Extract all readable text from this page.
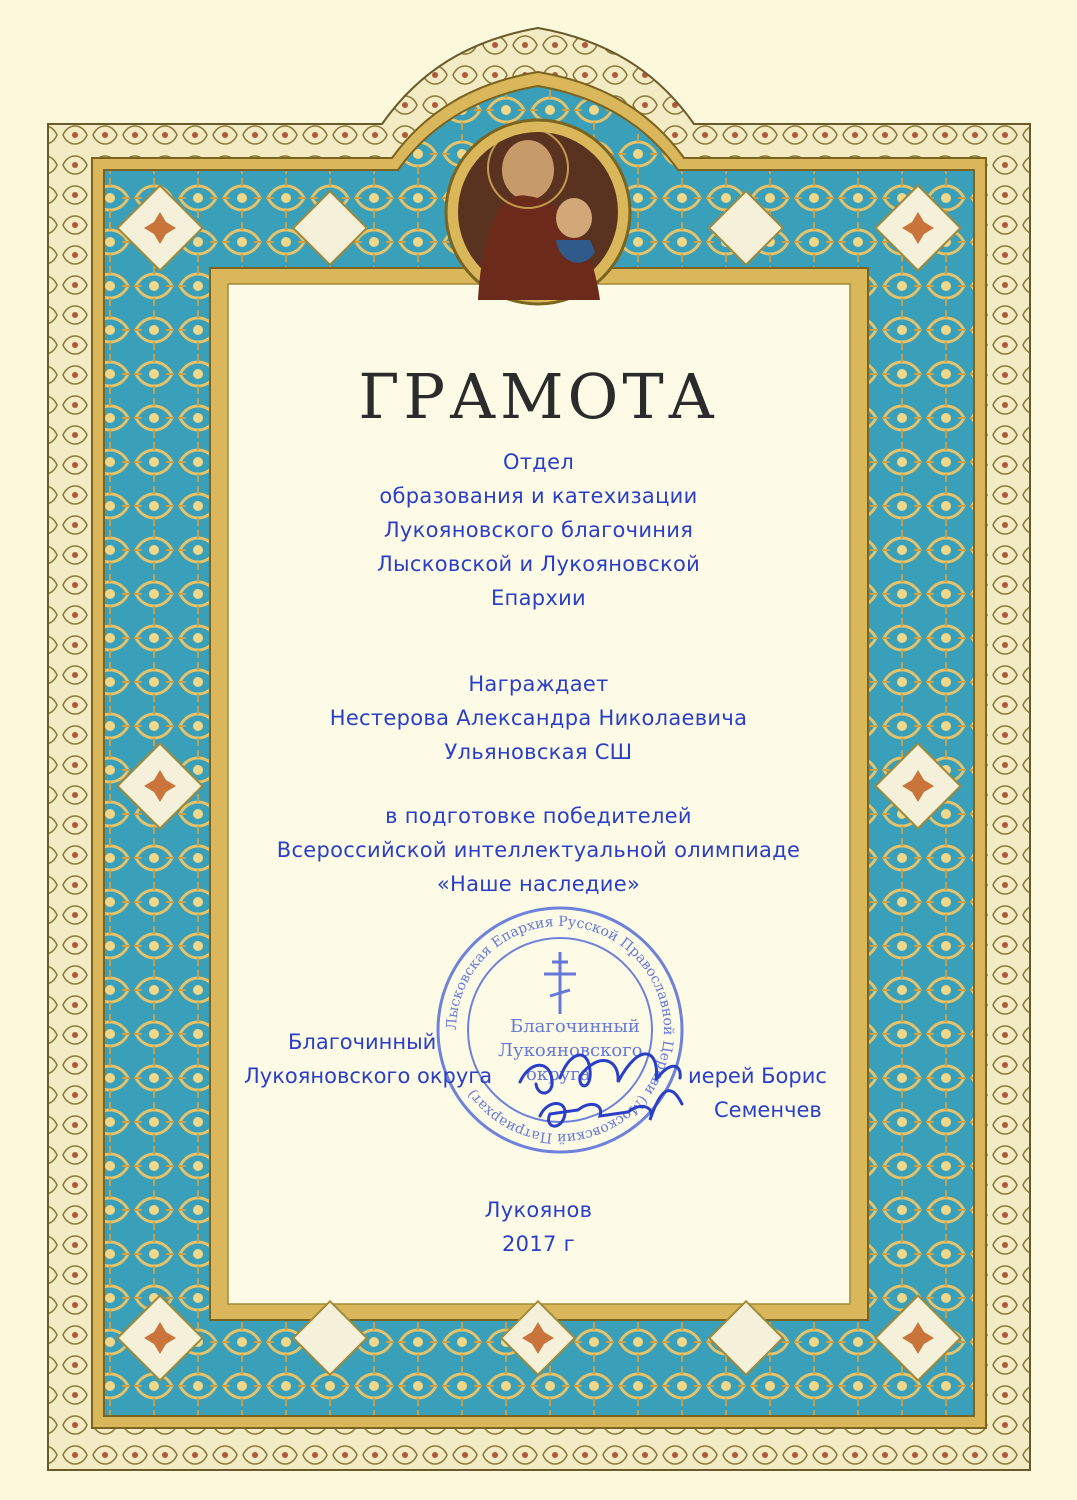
ГРАМОТА
Отдел
образования и катехизации
Лукояновского благочиния
Лысковской и Лукояновской
Епархии
Награждает
Нестерова Александра Николаевича
Ульяновская СШ
в подготовке победителей
Всероссийской интеллектуальной олимпиаде
«Наше наследие»
Лысковская Епархия Русской Православной Церкви (Московский Патриархат)
Благочинный
Лукояновского
округа
Благочинный
Лукояновского округа	иерей Борис
Семенчев
Лукоянов
2017 г
